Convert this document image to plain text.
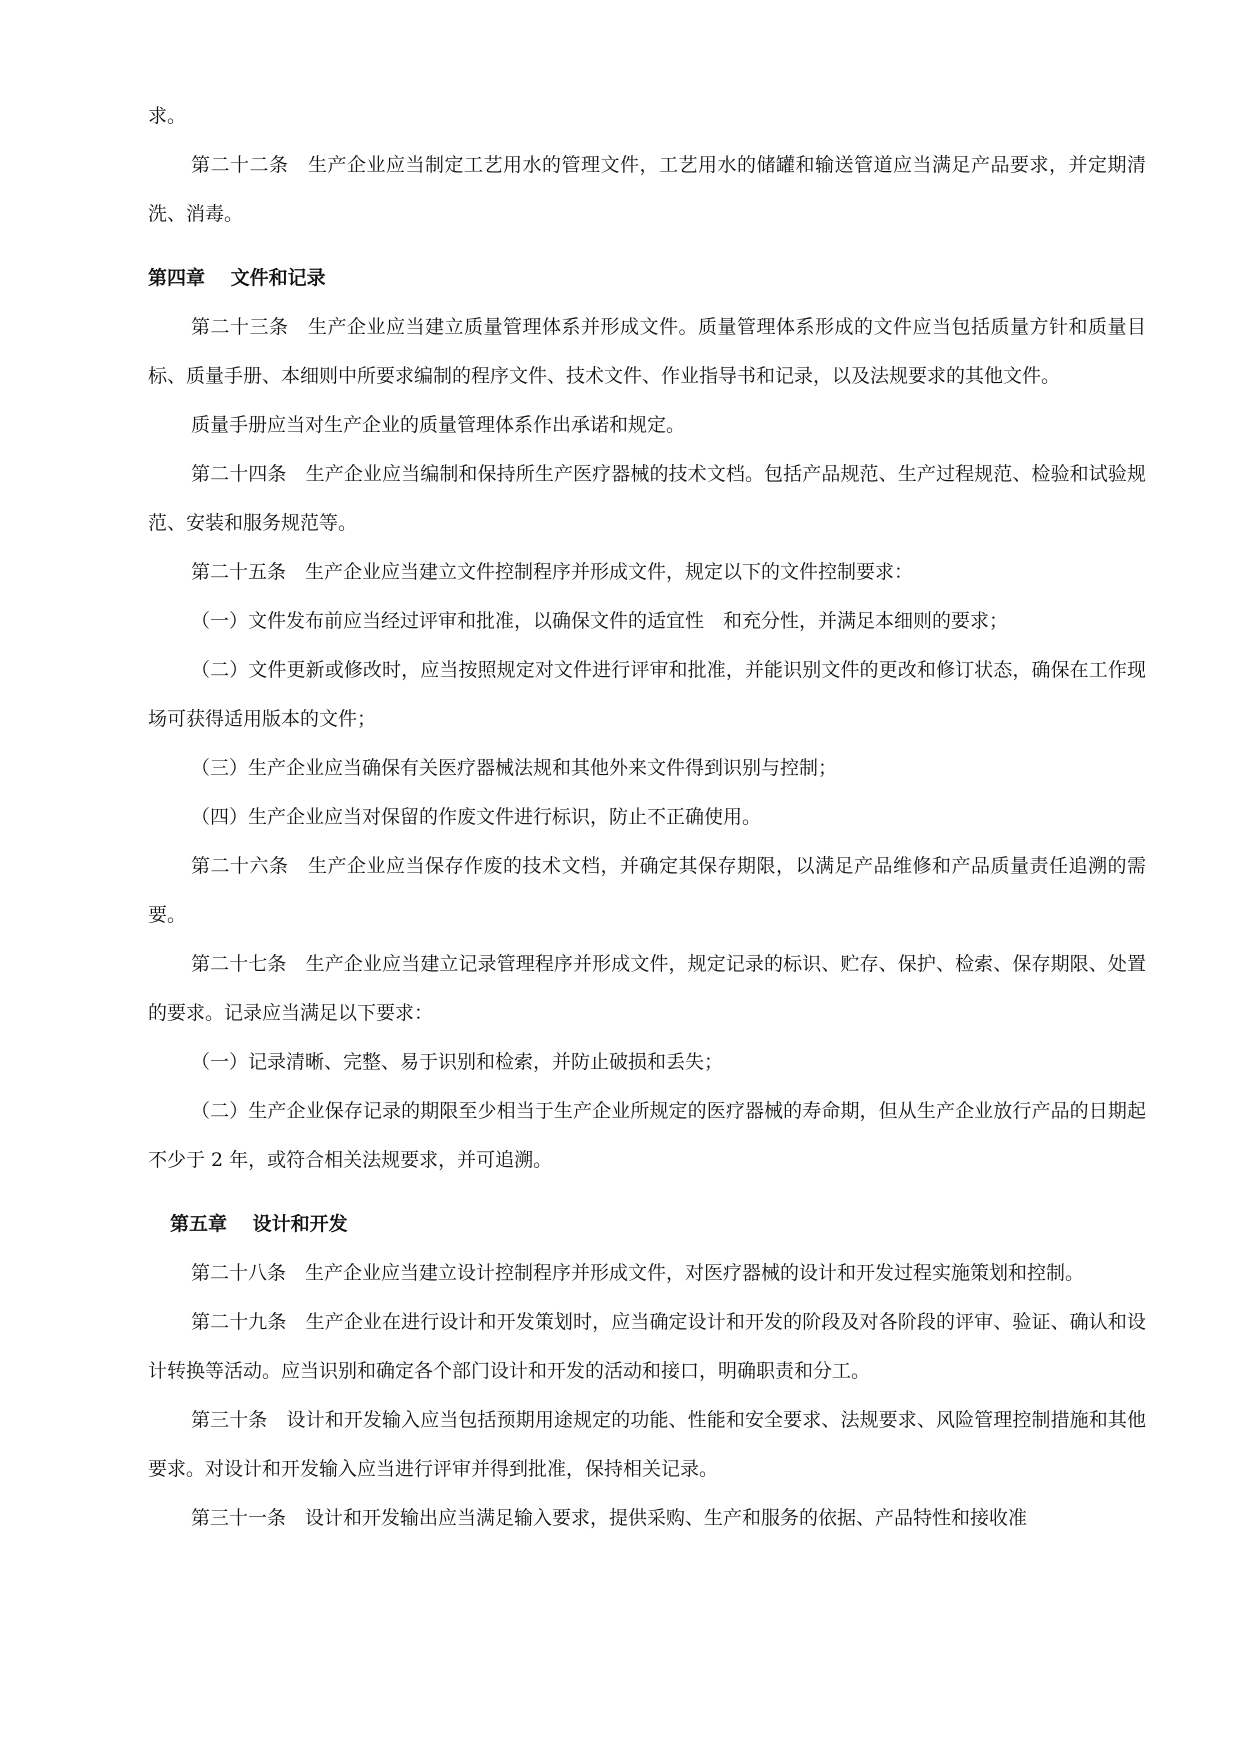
求。

第二十二条　生产企业应当制定工艺用水的管理文件，工艺用水的储罐和输送管道应当满足产品要求，并定期清洗、消毒。

第四章　 文件和记录

第二十三条　生产企业应当建立质量管理体系并形成文件。质量管理体系形成的文件应当包括质量方针和质量目标、质量手册、本细则中所要求编制的程序文件、技术文件、作业指导书和记录，以及法规要求的其他文件。

质量手册应当对生产企业的质量管理体系作出承诺和规定。

第二十四条　生产企业应当编制和保持所生产医疗器械的技术文档。包括产品规范、生产过程规范、检验和试验规范、安装和服务规范等。

第二十五条　生产企业应当建立文件控制程序并形成文件，规定以下的文件控制要求：

（一）文件发布前应当经过评审和批准，以确保文件的适宜性　和充分性，并满足本细则的要求；

（二）文件更新或修改时，应当按照规定对文件进行评审和批准，并能识别文件的更改和修订状态，确保在工作现场可获得适用版本的文件；

（三）生产企业应当确保有关医疗器械法规和其他外来文件得到识别与控制；

（四）生产企业应当对保留的作废文件进行标识，防止不正确使用。

第二十六条　生产企业应当保存作废的技术文档，并确定其保存期限，以满足产品维修和产品质量责任追溯的需要。

第二十七条　生产企业应当建立记录管理程序并形成文件，规定记录的标识、贮存、保护、检索、保存期限、处置的要求。记录应当满足以下要求：

（一）记录清晰、完整、易于识别和检索，并防止破损和丢失；

（二）生产企业保存记录的期限至少相当于生产企业所规定的医疗器械的寿命期，但从生产企业放行产品的日期起不少于 2 年，或符合相关法规要求，并可追溯。

第五章　 设计和开发

第二十八条　生产企业应当建立设计控制程序并形成文件，对医疗器械的设计和开发过程实施策划和控制。

第二十九条　生产企业在进行设计和开发策划时，应当确定设计和开发的阶段及对各阶段的评审、验证、确认和设计转换等活动。应当识别和确定各个部门设计和开发的活动和接口，明确职责和分工。

第三十条　设计和开发输入应当包括预期用途规定的功能、性能和安全要求、法规要求、风险管理控制措施和其他要求。对设计和开发输入应当进行评审并得到批准，保持相关记录。

第三十一条　设计和开发输出应当满足输入要求，提供采购、生产和服务的依据、产品特性和接收准
